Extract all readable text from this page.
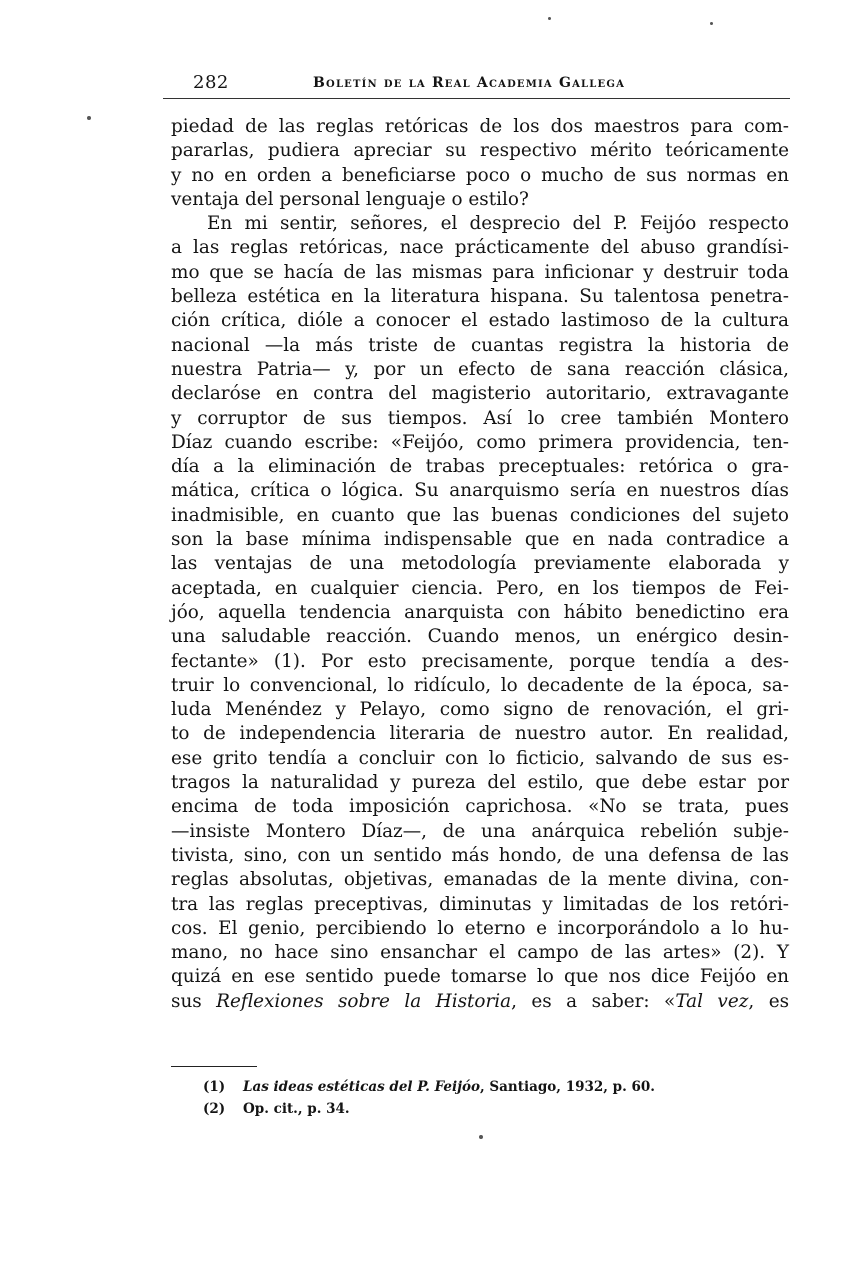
282	Boletín de la Real Academia Gallega
piedad de las reglas retóricas de los dos maestros para com-
pararlas, pudiera apreciar su respectivo mérito teóricamente
y no en orden a beneficiarse poco o mucho de sus normas en
ventaja del personal lenguaje o estilo?
En mi sentir, señores, el desprecio del P. Feijóo respecto
a las reglas retóricas, nace prácticamente del abuso grandísi-
mo que se hacía de las mismas para inficionar y destruir toda
belleza estética en la literatura hispana. Su talentosa penetra-
ción crítica, dióle a conocer el estado lastimoso de la cultura
nacional —la más triste de cuantas registra la historia de
nuestra Patria— y, por un efecto de sana reacción clásica,
declaróse en contra del magisterio autoritario, extravagante
y corruptor de sus tiempos. Así lo cree también Montero
Díaz cuando escribe: «Feijóo, como primera providencia, ten-
día a la eliminación de trabas preceptuales: retórica o gra-
mática, crítica o lógica. Su anarquismo sería en nuestros días
inadmisible, en cuanto que las buenas condiciones del sujeto
son la base mínima indispensable que en nada contradice a
las ventajas de una metodología previamente elaborada y
aceptada, en cualquier ciencia. Pero, en los tiempos de Fei-
jóo, aquella tendencia anarquista con hábito benedictino era
una saludable reacción. Cuando menos, un enérgico desin-
fectante» (1). Por esto precisamente, porque tendía a des-
truir lo convencional, lo ridículo, lo decadente de la época, sa-
luda Menéndez y Pelayo, como signo de renovación, el gri-
to de independencia literaria de nuestro autor. En realidad,
ese grito tendía a concluir con lo ficticio, salvando de sus es-
tragos la naturalidad y pureza del estilo, que debe estar por
encima de toda imposición caprichosa. «No se trata, pues
—insiste Montero Díaz—, de una anárquica rebelión subje-
tivista, sino, con un sentido más hondo, de una defensa de las
reglas absolutas, objetivas, emanadas de la mente divina, con-
tra las reglas preceptivas, diminutas y limitadas de los retóri-
cos. El genio, percibiendo lo eterno e incorporándolo a lo hu-
mano, no hace sino ensanchar el campo de las artes» (2). Y
quizá en ese sentido puede tomarse lo que nos dice Feijóo en
sus Reflexiones sobre la Historia, es a saber: «Tal vez, es
(1) Las ideas estéticas del P. Feijóo, Santiago, 1932, p. 60.
(2) Op. cit., p. 34.
